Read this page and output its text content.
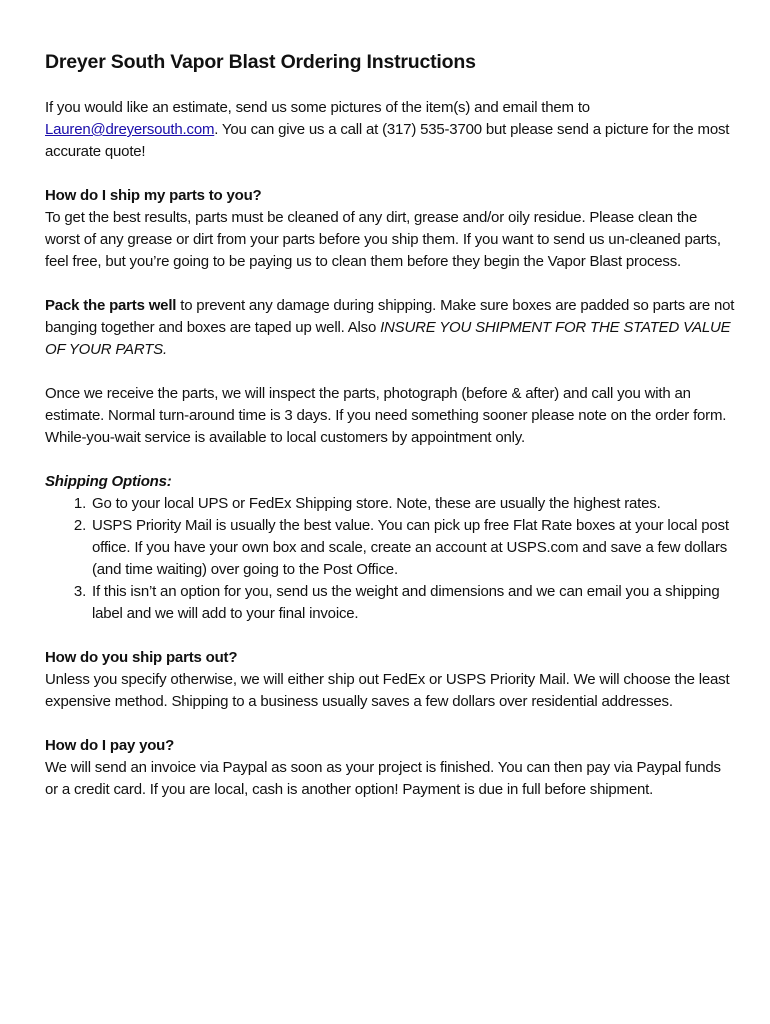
Dreyer South Vapor Blast Ordering Instructions

If you would like an estimate, send us some pictures of the item(s) and email them to Lauren@dreyersouth.com. You can give us a call at (317) 535-3700 but please send a picture for the most accurate quote!

How do I ship my parts to you?
To get the best results, parts must be cleaned of any dirt, grease and/or oily residue. Please clean the worst of any grease or dirt from your parts before you ship them. If you want to send us un-cleaned parts, feel free, but you’re going to be paying us to clean them before they begin the Vapor Blast process.

Pack the parts well to prevent any damage during shipping. Make sure boxes are padded so parts are not banging together and boxes are taped up well. Also INSURE YOU SHIPMENT FOR THE STATED VALUE OF YOUR PARTS.

Once we receive the parts, we will inspect the parts, photograph (before & after) and call you with an estimate. Normal turn-around time is 3 days. If you need something sooner please note on the order form. While-you-wait service is available to local customers by appointment only.

Shipping Options:
1. Go to your local UPS or FedEx Shipping store. Note, these are usually the highest rates.
2. USPS Priority Mail is usually the best value. You can pick up free Flat Rate boxes at your local post office. If you have your own box and scale, create an account at USPS.com and save a few dollars (and time waiting) over going to the Post Office.
3. If this isn’t an option for you, send us the weight and dimensions and we can email you a shipping label and we will add to your final invoice.

How do you ship parts out?
Unless you specify otherwise, we will either ship out FedEx or USPS Priority Mail. We will choose the least expensive method. Shipping to a business usually saves a few dollars over residential addresses.

How do I pay you?
We will send an invoice via Paypal as soon as your project is finished. You can then pay via Paypal funds or a credit card. If you are local, cash is another option! Payment is due in full before shipment.
